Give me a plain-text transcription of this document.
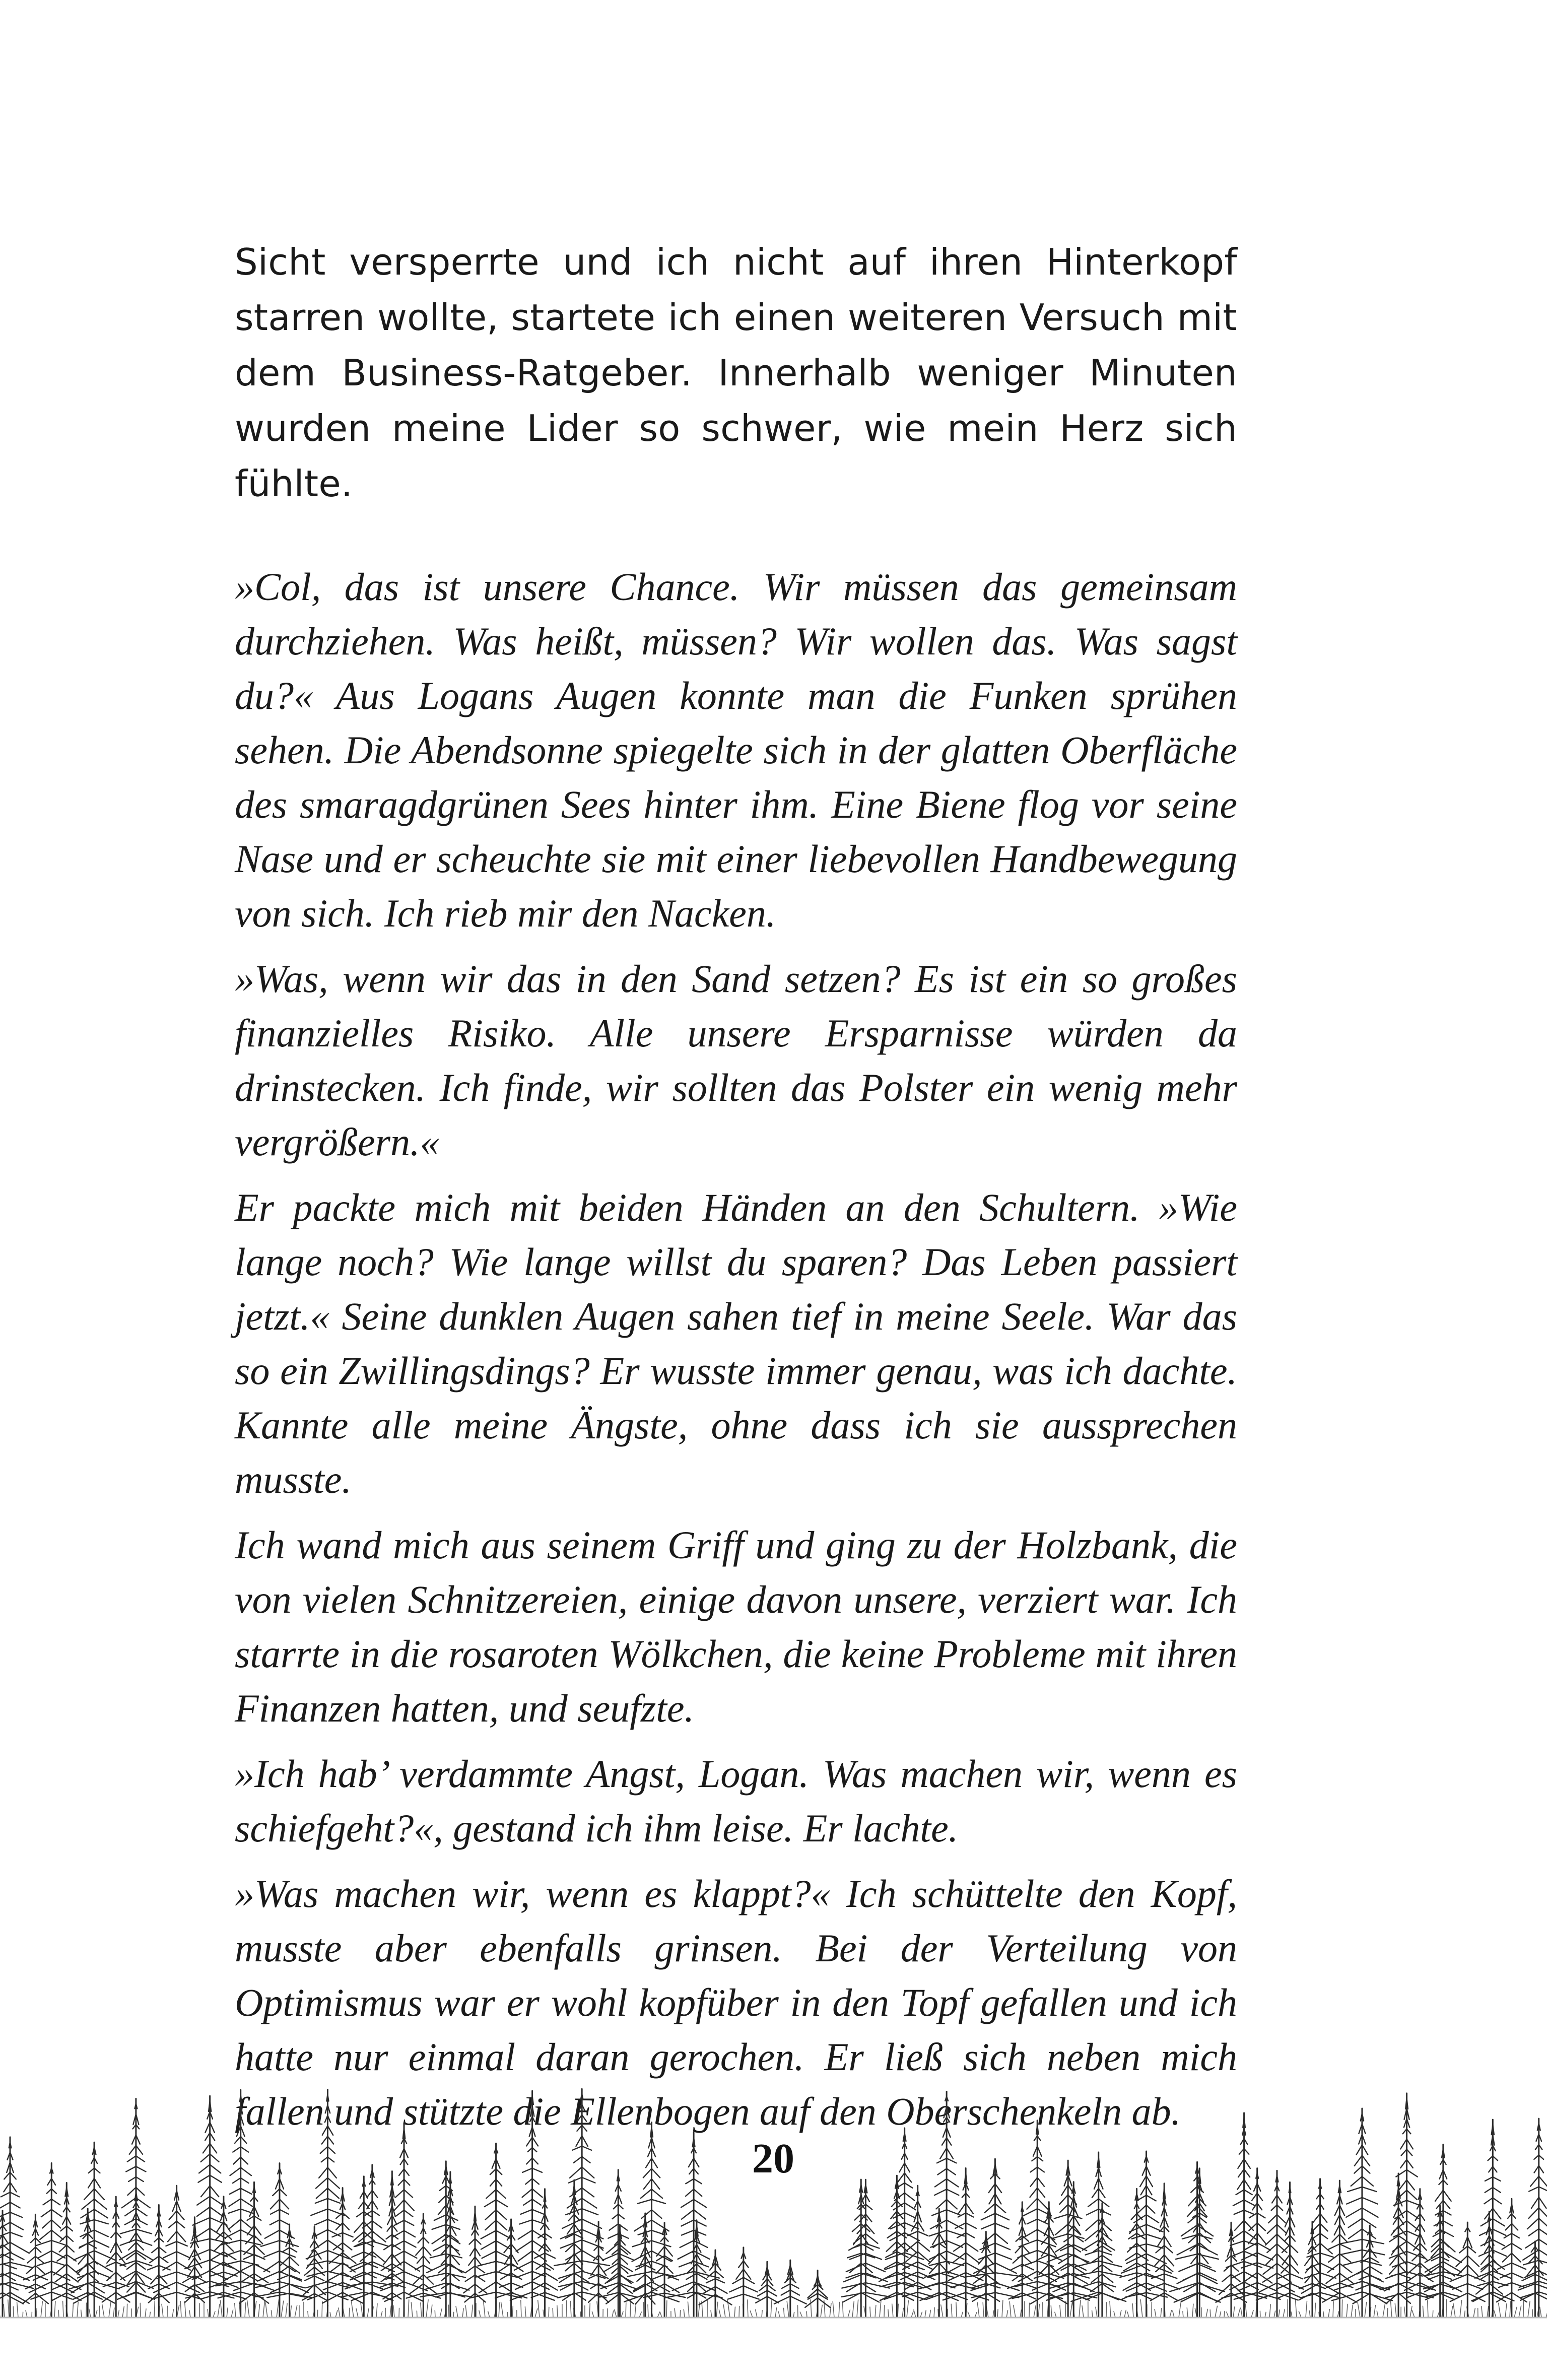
Sicht versperrte und ich nicht auf ihren Hinterkopf starren wollte, startete ich einen weiteren Versuch mit dem Business-Ratgeber. Innerhalb weniger Minuten wurden meine Lider so schwer, wie mein Herz sich fühlte.

»Col, das ist unsere Chance. Wir müssen das gemeinsam durchziehen. Was heißt, müssen? Wir wollen das. Was sagst du?« Aus Logans Augen konnte man die Funken sprühen sehen. Die Abendsonne spiegelte sich in der glatten Oberfläche des smaragdgrünen Sees hinter ihm. Eine Biene flog vor seine Nase und er scheuchte sie mit einer liebevollen Handbewegung von sich. Ich rieb mir den Nacken.

»Was, wenn wir das in den Sand setzen? Es ist ein so großes finanzielles Risiko. Alle unsere Ersparnisse würden da drinstecken. Ich finde, wir sollten das Polster ein wenig mehr vergrößern.«

Er packte mich mit beiden Händen an den Schultern. »Wie lange noch? Wie lange willst du sparen? Das Leben passiert jetzt.« Seine dunklen Augen sahen tief in meine Seele. War das so ein Zwillingsdings? Er wusste immer genau, was ich dachte. Kannte alle meine Ängste, ohne dass ich sie aussprechen musste.

Ich wand mich aus seinem Griff und ging zu der Holzbank, die von vielen Schnitzereien, einige davon unsere, verziert war. Ich starrte in die rosaroten Wölkchen, die keine Probleme mit ihren Finanzen hatten, und seufzte.

»Ich hab’ verdammte Angst, Logan. Was machen wir, wenn es schiefgeht?«, gestand ich ihm leise. Er lachte.

»Was machen wir, wenn es klappt?« Ich schüttelte den Kopf, musste aber ebenfalls grinsen. Bei der Verteilung von Optimismus war er wohl kopfüber in den Topf gefallen und ich hatte nur einmal daran gerochen. Er ließ sich neben mich fallen und stützte die Ellenbogen auf den Oberschenkeln ab.

20
